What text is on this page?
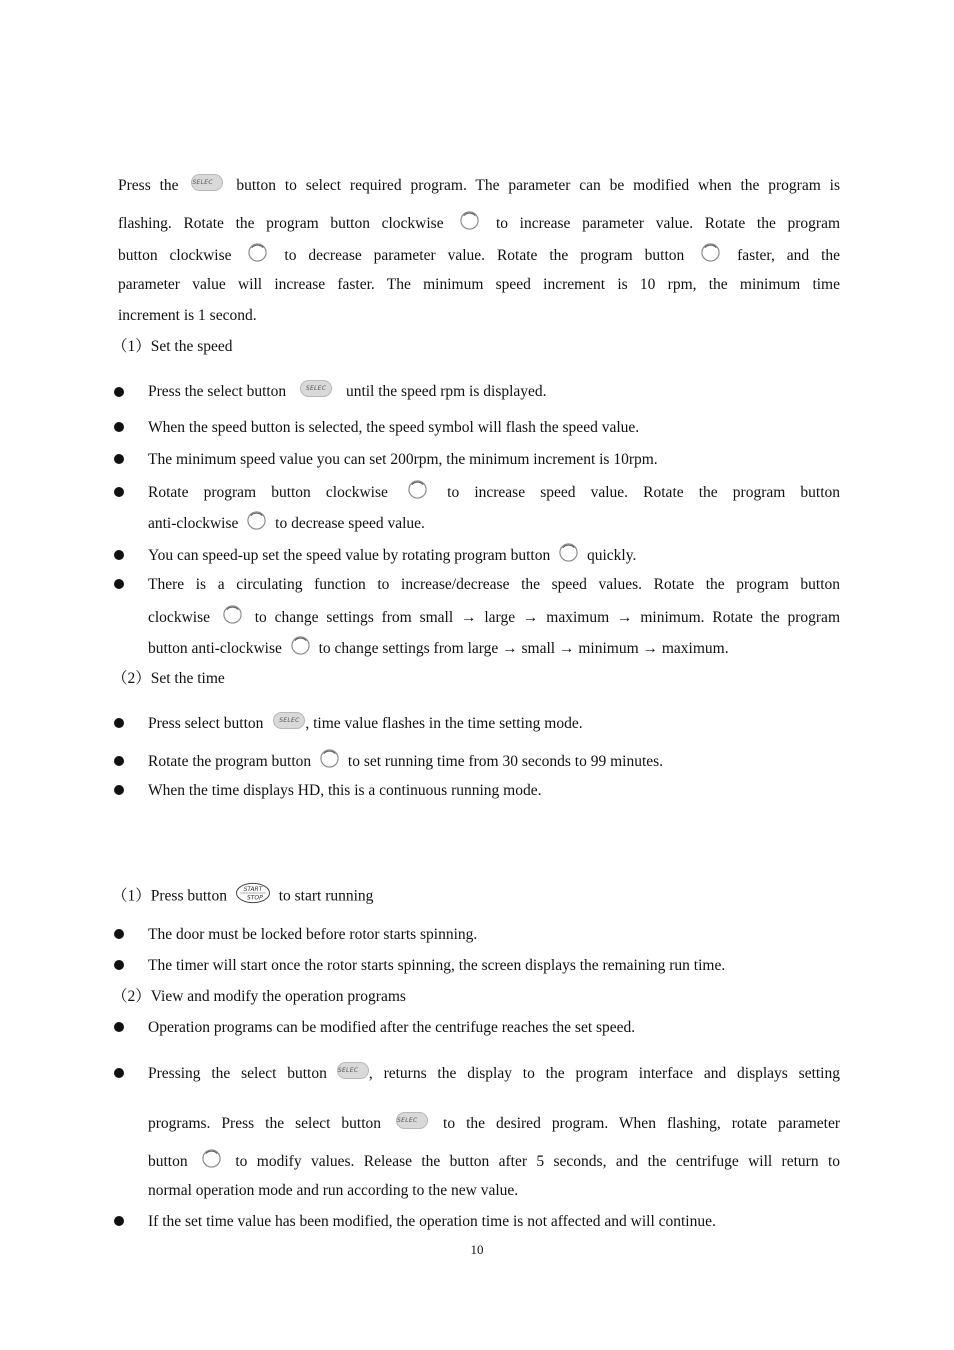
Press the SELEC button to select required program. The parameter can be modified when the program is
flashing. Rotate the program button clockwise	to increase parameter value. Rotate the program
button clockwise	to decrease parameter value. Rotate the program button	faster, and the
parameter value will increase faster. The minimum speed increment is 10 rpm, the minimum time
increment is 1 second.
（1）Set the speed
Press the select button	SELEC until the speed rpm is displayed.
When the speed button is selected, the speed symbol will flash the speed value.
The minimum speed value you can set 200rpm, the minimum increment is 10rpm.
Rotate program button clockwise	to increase speed value. Rotate the program button
anti-clockwise to decrease speed value.
You can speed-up set the speed value by rotating program button quickly.
There is a circulating function to increase/decrease the speed values. Rotate the program button
clockwise	to change settings from small → large → maximum → minimum. Rotate the program
button anti-clockwise to change settings from large → small → minimum → maximum.
（2）Set the time
Press select button	SELEC , time value flashes in the time setting mode.
Rotate the program button to set running time from 30 seconds to 99 minutes.
When the time displays HD, this is a continuous running mode.
（1）Press button	START
STOP to start running
The door must be locked before rotor starts spinning.
The timer will start once the rotor starts spinning, the screen displays the remaining run time.
（2）View and modify the operation programs
Operation programs can be modified after the centrifuge reaches the set speed.
Pressing the select button SELEC , returns the display to the program interface and displays setting
programs. Press the select button	SELEC to the desired program. When flashing, rotate parameter
button	to modify values. Release the button after 5 seconds, and the centrifuge will return to
normal operation mode and run according to the new value.
If the set time value has been modified, the operation time is not affected and will continue.
10
